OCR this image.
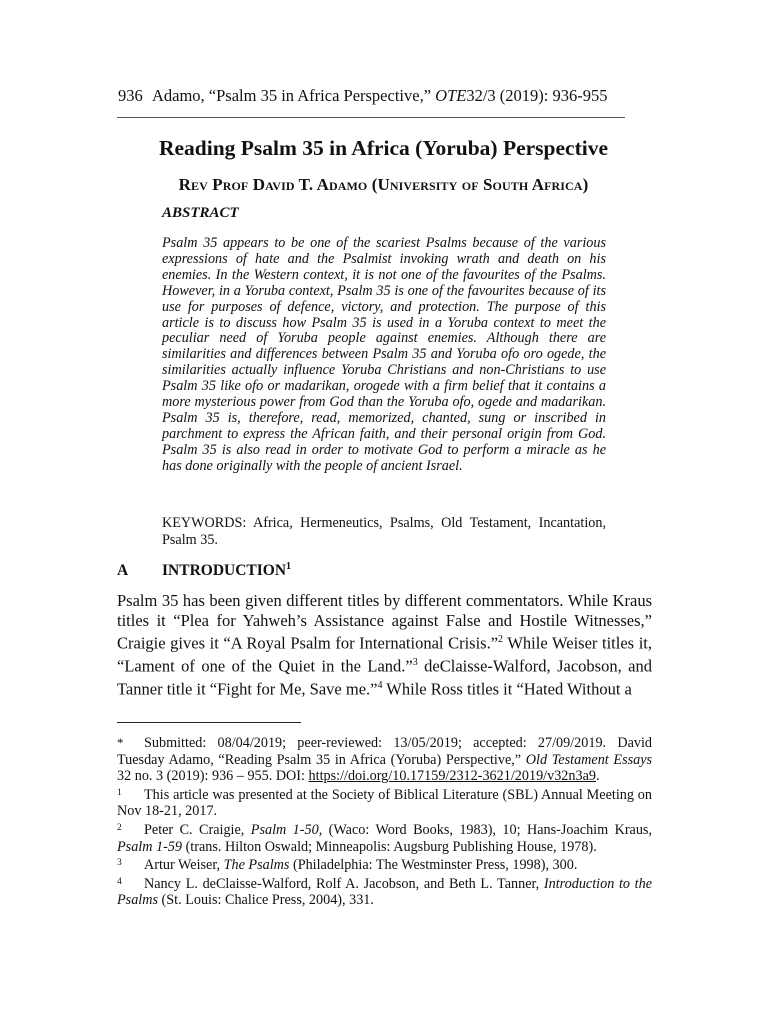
936 Adamo, “Psalm 35 in Africa Perspective,” OTE32/3 (2019): 936-955
Reading Psalm 35 in Africa (Yoruba) Perspective
Rev Prof David T. Adamo (University of South Africa)
ABSTRACT

Psalm 35 appears to be one of the scariest Psalms because of the various expressions of hate and the Psalmist invoking wrath and death on his enemies. In the Western context, it is not one of the favourites of the Psalms. However, in a Yoruba context, Psalm 35 is one of the favourites because of its use for purposes of defence, victory, and protection. The purpose of this article is to discuss how Psalm 35 is used in a Yoruba context to meet the peculiar need of Yoruba people against enemies. Although there are similarities and differences between Psalm 35 and Yoruba ofo oro ogede, the similarities actually influence Yoruba Christians and non-Christians to use Psalm 35 like ofo or madarikan, orogede with a firm belief that it contains a more mysterious power from God than the Yoruba ofo, ogede and madarikan. Psalm 35 is, therefore, read, memorized, chanted, sung or inscribed in parchment to express the African faith, and their personal origin from God. Psalm 35 is also read in order to motivate God to perform a miracle as he has done originally with the people of ancient Israel.

KEYWORDS: Africa, Hermeneutics, Psalms, Old Testament, Incantation, Psalm 35.

A INTRODUCTION$^1$

Psalm 35 has been given different titles by different commentators. While Kraus titles it “Plea for Yahweh’s Assistance against False and Hostile Witnesses,” Craigie gives it “A Royal Psalm for International Crisis.”$^2$ While Weiser titles it, “Lament of one of the Quiet in the Land.”$^3$ deClaisse-Walford, Jacobson, and Tanner title it “Fight for Me, Save me.”$^4$ While Ross titles it “Hated Without a

* Submitted: 08/04/2019; peer-reviewed: 13/05/2019; accepted: 27/09/2019. David Tuesday Adamo, “Reading Psalm 35 in Africa (Yoruba) Perspective,” Old Testament Essays 32 no. 3 (2019): 936 – 955. DOI: https://doi.org/10.17159/2312-3621/2019/v32n3a9.

1 This article was presented at the Society of Biblical Literature (SBL) Annual Meeting on Nov 18-21, 2017.

2 Peter C. Craigie, Psalm 1-50, (Waco: Word Books, 1983), 10; Hans-Joachim Kraus, Psalm 1-59 (trans. Hilton Oswald; Minneapolis: Augsburg Publishing House, 1978).

3 Artur Weiser, The Psalms (Philadelphia: The Westminster Press, 1998), 300.

4 Nancy L. deClaisse-Walford, Rolf A. Jacobson, and Beth L. Tanner, Introduction to the Psalms (St. Louis: Chalice Press, 2004), 331.
